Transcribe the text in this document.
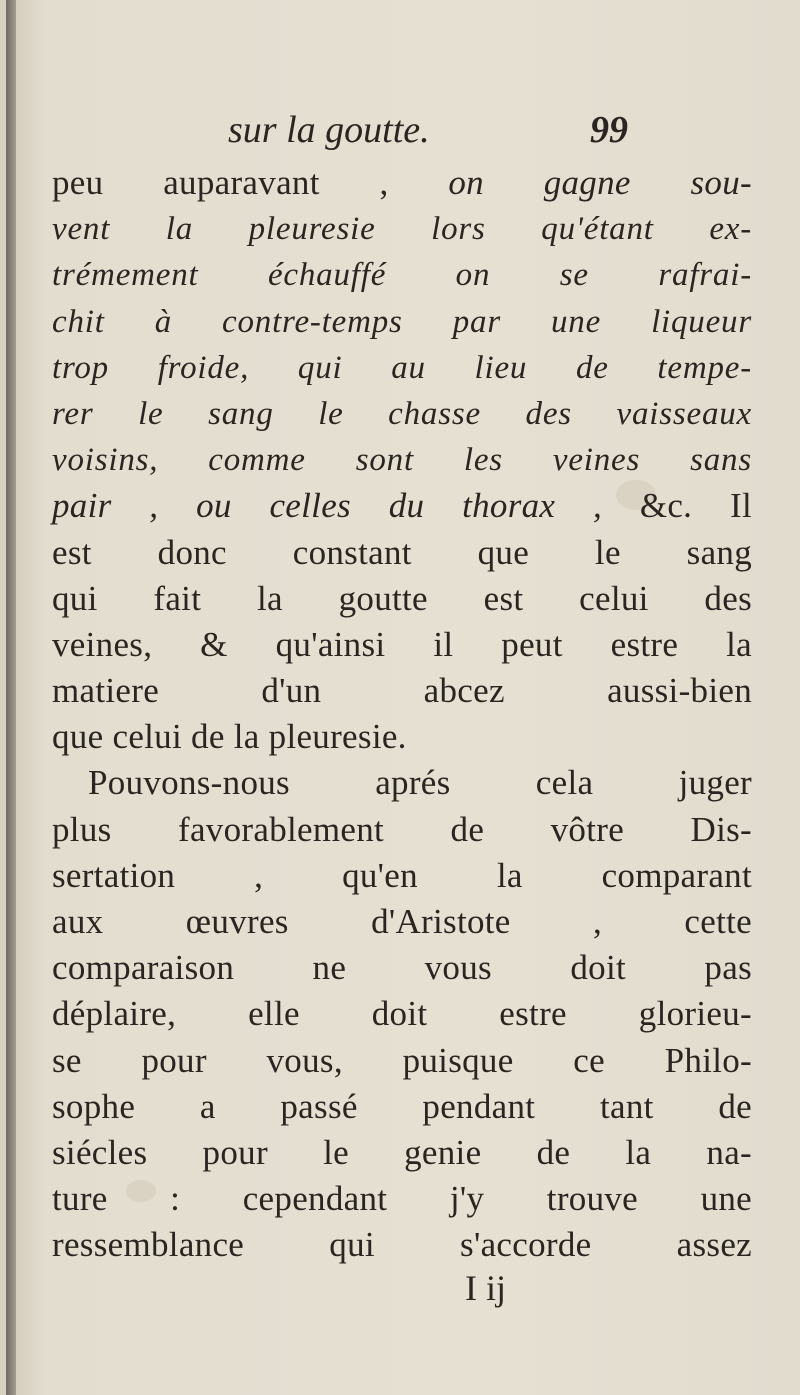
sur la goutte.	99
peu auparavant , on gagne sou-
vent la pleuresie lors qu'étant ex-
trémement échauffé on se rafrai-
chit à contre-temps par une liqueur
trop froide, qui au lieu de tempe-
rer le sang le chasse des vaisseaux
voisins, comme sont les veines sans
pair , ou celles du thorax , &c. Il
est donc constant que le sang
qui fait la goutte est celui des
veines, & qu'ainsi il peut estre la
matiere d'un abcez aussi-bien
que celui de la pleuresie.
Pouvons-nous aprés cela juger
plus favorablement de vôtre Dis-
sertation , qu'en la comparant
aux œuvres d'Aristote , cette
comparaison ne vous doit pas
déplaire, elle doit estre glorieu-
se pour vous, puisque ce Philo-
sophe a passé pendant tant de
siécles pour le genie de la na-
ture : cependant j'y trouve une
ressemblance qui s'accorde assez
I ij
